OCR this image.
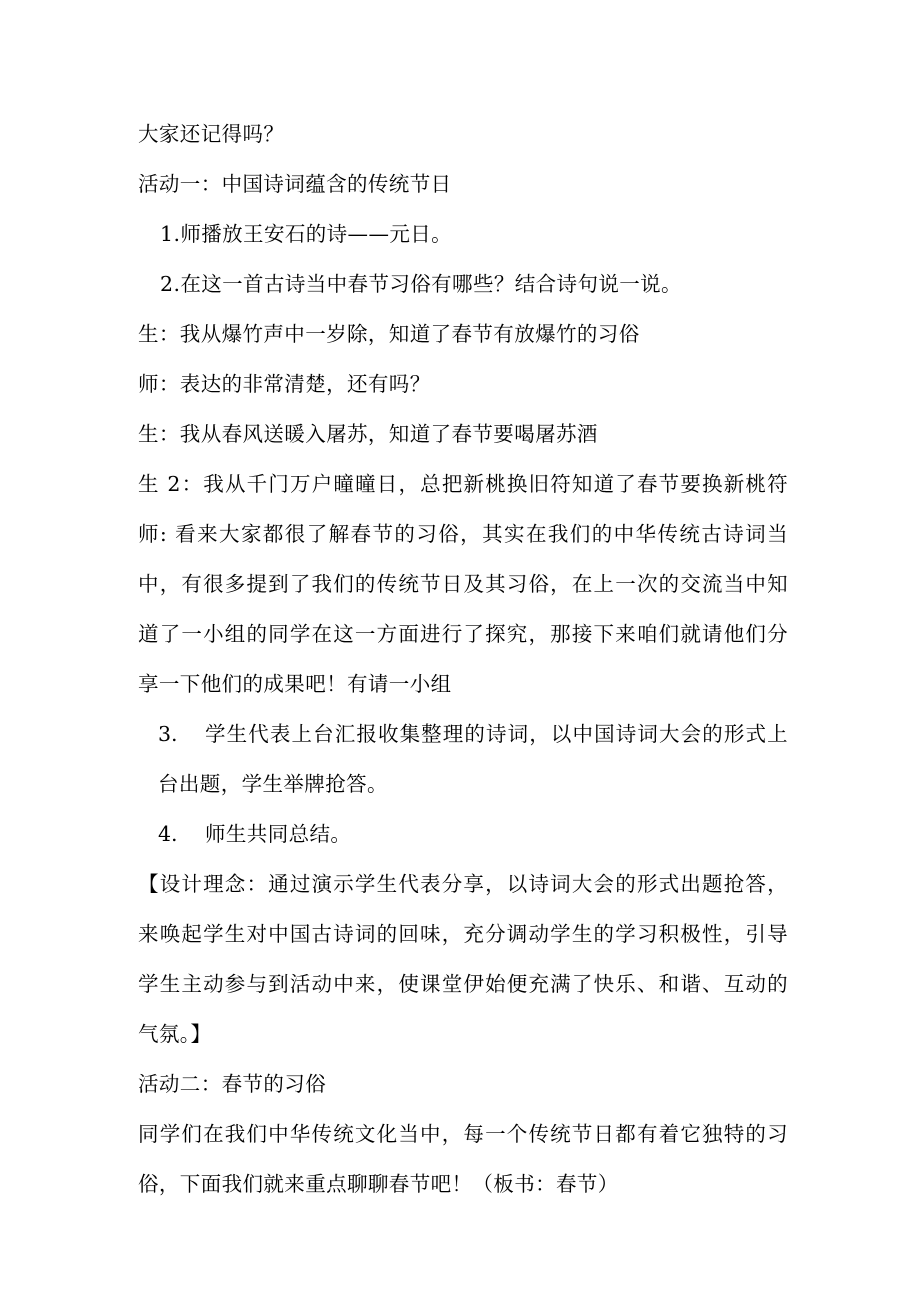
大家还记得吗？
活动一：中国诗词蕴含的传统节日
1.师播放王安石的诗——元日。
2.在这一首古诗当中春节习俗有哪些？结合诗句说一说。
生：我从爆竹声中一岁除，知道了春节有放爆竹的习俗
师：表达的非常清楚，还有吗？
生：我从春风送暖入屠苏，知道了春节要喝屠苏酒
生 2：我从千门万户曈曈日，总把新桃换旧符知道了春节要换新桃符
师: 看来大家都很了解春节的习俗，其实在我们的中华传统古诗词当
中，有很多提到了我们的传统节日及其习俗，在上一次的交流当中知
道了一小组的同学在这一方面进行了探究，那接下来咱们就请他们分
享一下他们的成果吧！有请一小组
3. 学生代表上台汇报收集整理的诗词，以中国诗词大会的形式上
台出题，学生举牌抢答。
4. 师生共同总结。
【设计理念：通过演示学生代表分享，以诗词大会的形式出题抢答，
来唤起学生对中国古诗词的回味，充分调动学生的学习积极性，引导
学生主动参与到活动中来，使课堂伊始便充满了快乐、和谐、互动的
气氛。】
活动二：春节的习俗
同学们在我们中华传统文化当中，每一个传统节日都有着它独特的习
俗，下面我们就来重点聊聊春节吧！（板书：春节）
